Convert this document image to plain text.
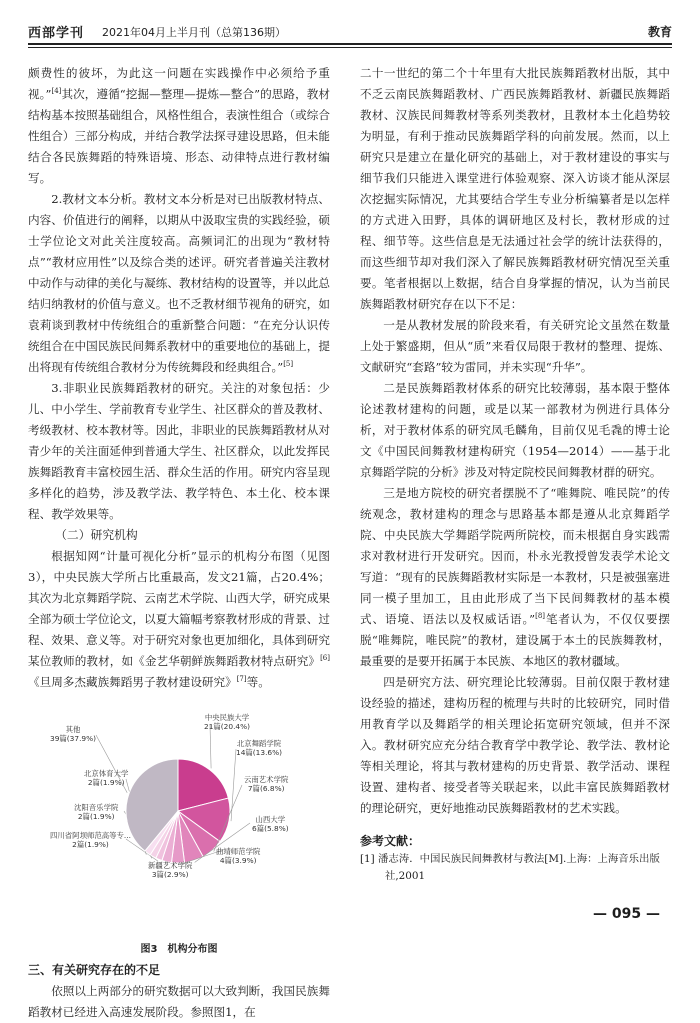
西部学刊 2021年04月上半月刊（总第136期）	教育

颇费性的彼坏，为此这一问题在实践操作中必须给予重视。”[4]其次，遵循“挖掘—整理—提炼—整合”的思路，教材结构基本按照基础组合，风格性组合，表演性组合（或综合性组合）三部分构成，并结合教学法探寻建设思路，但未能结合各民族舞蹈的特殊语境、形态、动律特点进行教材编写。

2.教材文本分析。教材文本分析是对已出版教材特点、内容、价值进行的阐释，以期从中汲取宝贵的实践经验，硕士学位论文对此关注度较高。高频词汇的出现为“教材特点”“教材应用性”以及综合类的述评。研究者普遍关注教材中动作与动律的美化与凝练、教材结构的设置等，并以此总结归纳教材的价值与意义。也不乏教材细节视角的研究，如袁莉谈到教材中传统组合的重新整合问题：“在充分认识传统组合在中国民族民间舞系教材中的重要地位的基础上，提出将现有传统组合教材分为传统舞段和经典组合。”[5]

3.非职业民族舞蹈教材的研究。关注的对象包括：少儿、中小学生、学前教育专业学生、社区群众的普及教材、考级教材、校本教材等。因此，非职业的民族舞蹈教材从对青少年的关注面延伸到普通大学生、社区群众，以此发挥民族舞蹈教育丰富校园生活、群众生活的作用。研究内容呈现多样化的趋势，涉及教学法、教学特色、本土化、校本课程、教学效果等。

（二）研究机构

根据知网“计量可视化分析”显示的机构分布图（见图3），中央民族大学所占比重最高，发文21篇，占20.4%；其次为北京舞蹈学院、云南艺术学院、山西大学，研究成果全部为硕士学位论文，以夏大篇幅考察教材形成的背景、过程、效果、意义等。对于研究对象也更加细化，具体到研究某位教师的教材，如《金艺华朝鲜族舞蹈教材特点研究》[6]《旦周多杰藏族舞蹈男子教材建设研究》[7]等。

中央民族大学
21篇(20.4%)
北京舞蹈学院
14篇(13.6%)
云南艺术学院
7篇(6.8%)
山西大学
6篇(5.8%)
曲靖师范学院
4篇(3.9%)
新疆艺术学院
3篇(2.9%)
四川省阿坝师范高等专...
2篇(1.9%)
沈阳音乐学院
2篇(1.9%)
北京体育大学
2篇(1.9%)
其他
39篇(37.9%)

图3　机构分布图

三、有关研究存在的不足

依照以上两部分的研究数据可以大致判断，我国民族舞蹈教材已经进入高速发展阶段。参照图1，在

二十一世纪的第二个十年里有大批民族舞蹈教材出版，其中不乏云南民族舞蹈教材、广西民族舞蹈教材、新疆民族舞蹈教材、汉族民间舞教材等系列类教材，且教材本土化趋势较为明显，有利于推动民族舞蹈学科的向前发展。然而，以上研究只是建立在量化研究的基础上，对于教材建设的事实与细节我们只能进入课堂进行体验观察、深入访谈才能从深层次挖掘实际情况，尤其要结合学生专业分析编纂者是以怎样的方式进入田野，具体的调研地区及村长，教材形成的过程、细节等。这些信息是无法通过社会学的统计法获得的，而这些细节却对我们深入了解民族舞蹈教材研究情况至关重要。笔者根据以上数据，结合自身掌握的情况，认为当前民族舞蹈教材研究存在以下不足：

一是从教材发展的阶段来看，有关研究论文虽然在数量上处于繁盛期，但从“质”来看仅局限于教材的整理、提炼、文献研究“套路”较为雷同，并未实现“升华”。

二是民族舞蹈教材体系的研究比较薄弱，基本限于整体论述教材建构的问题，或是以某一部教材为例进行具体分析，对于教材体系的研究凤毛麟角，目前仅见毛毳的博士论文《中国民间舞教材建构研究（1954—2014）——基于北京舞蹈学院的分析》涉及对特定院校民间舞教材群的研究。

三是地方院校的研究者摆脱不了“唯舞院、唯民院”的传统观念，教材建构的理念与思路基本都是遵从北京舞蹈学院、中央民族大学舞蹈学院两所院校，而未根据自身实践需求对教材进行开发研究。因而，朴永光教授曾发表学术论文写道：“现有的民族舞蹈教材实际是一本教材，只是被强塞进同一模子里加工，且由此形成了当下民间舞教材的基本模式、语境、语法以及权威话语。”[8]笔者认为，不仅仅要摆脱“唯舞院，唯民院”的教材，建设属于本土的民族舞教材，最重要的是要开拓属于本民族、本地区的教材疆域。

四是研究方法、研究理论比较薄弱。目前仅限于教材建设经验的描述，建构历程的梳理与共时的比较研究，同时借用教育学以及舞蹈学的相关理论拓宽研究领域，但并不深入。教材研究应充分结合教育学中教学论、教学法、教材论等相关理论，将其与教材建构的历史背景、教学活动、课程设置、建构者、接受者等关联起来，以此丰富民族舞蹈教材的理论研究，更好地推动民族舞蹈教材的艺术实践。

参考文献：

[1] 潘志涛．中国民族民间舞教材与教法[M].上海：上海音乐出版社,2001

— 095 —
